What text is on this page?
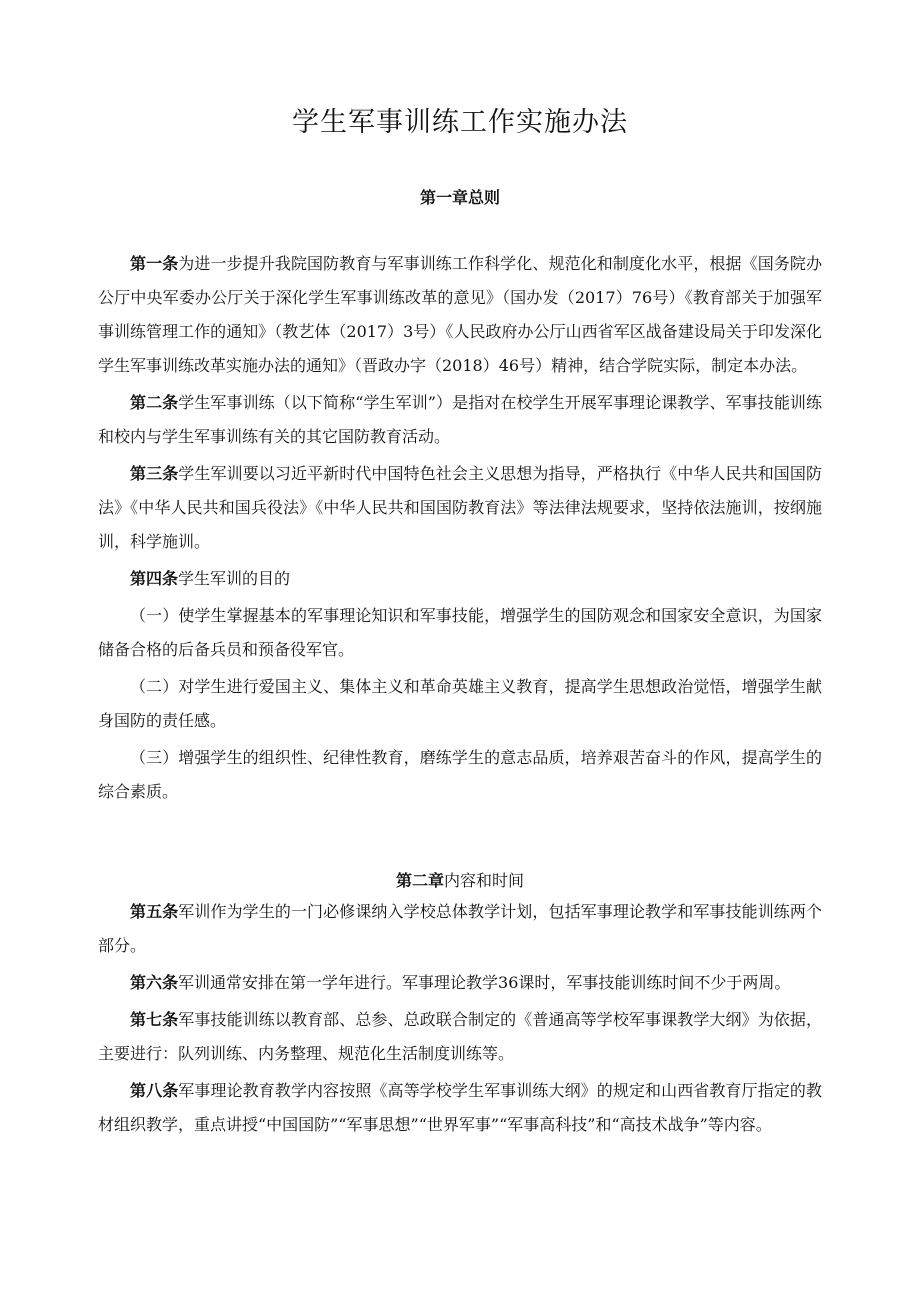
学生军事训练工作实施办法
第一章总则

第一条为进一步提升我院国防教育与军事训练工作科学化、规范化和制度化水平，根据《国务院办公厅中央军委办公厅关于深化学生军事训练改革的意见》（国办发（2017）76号）《教育部关于加强军事训练管理工作的通知》（教艺体（2017）3号）《人民政府办公厅山西省军区战备建设局关于印发深化学生军事训练改革实施办法的通知》（晋政办字（2018）46号）精神，结合学院实际，制定本办法。

第二条学生军事训练（以下简称“学生军训”）是指对在校学生开展军事理论课教学、军事技能训练和校内与学生军事训练有关的其它国防教育活动。

第三条学生军训要以习近平新时代中国特色社会主义思想为指导，严格执行《中华人民共和国国防法》《中华人民共和国兵役法》《中华人民共和国国防教育法》等法律法规要求，坚持依法施训，按纲施训，科学施训。

第四条学生军训的目的

（一）使学生掌握基本的军事理论知识和军事技能，增强学生的国防观念和国家安全意识，为国家储备合格的后备兵员和预备役军官。

（二）对学生进行爱国主义、集体主义和革命英雄主义教育，提高学生思想政治觉悟，增强学生献身国防的责任感。

（三）增强学生的组织性、纪律性教育，磨练学生的意志品质，培养艰苦奋斗的作风，提高学生的综合素质。

第二章内容和时间

第五条军训作为学生的一门必修课纳入学校总体教学计划，包括军事理论教学和军事技能训练两个部分。

第六条军训通常安排在第一学年进行。军事理论教学36课时，军事技能训练时间不少于两周。

第七条军事技能训练以教育部、总参、总政联合制定的《普通高等学校军事课教学大纲》为依据，主要进行：队列训练、内务整理、规范化生活制度训练等。

第八条军事理论教育教学内容按照《高等学校学生军事训练大纲》的规定和山西省教育厅指定的教材组织教学，重点讲授“中国国防”“军事思想”“世界军事”“军事高科技”和“高技术战争”等内容。
